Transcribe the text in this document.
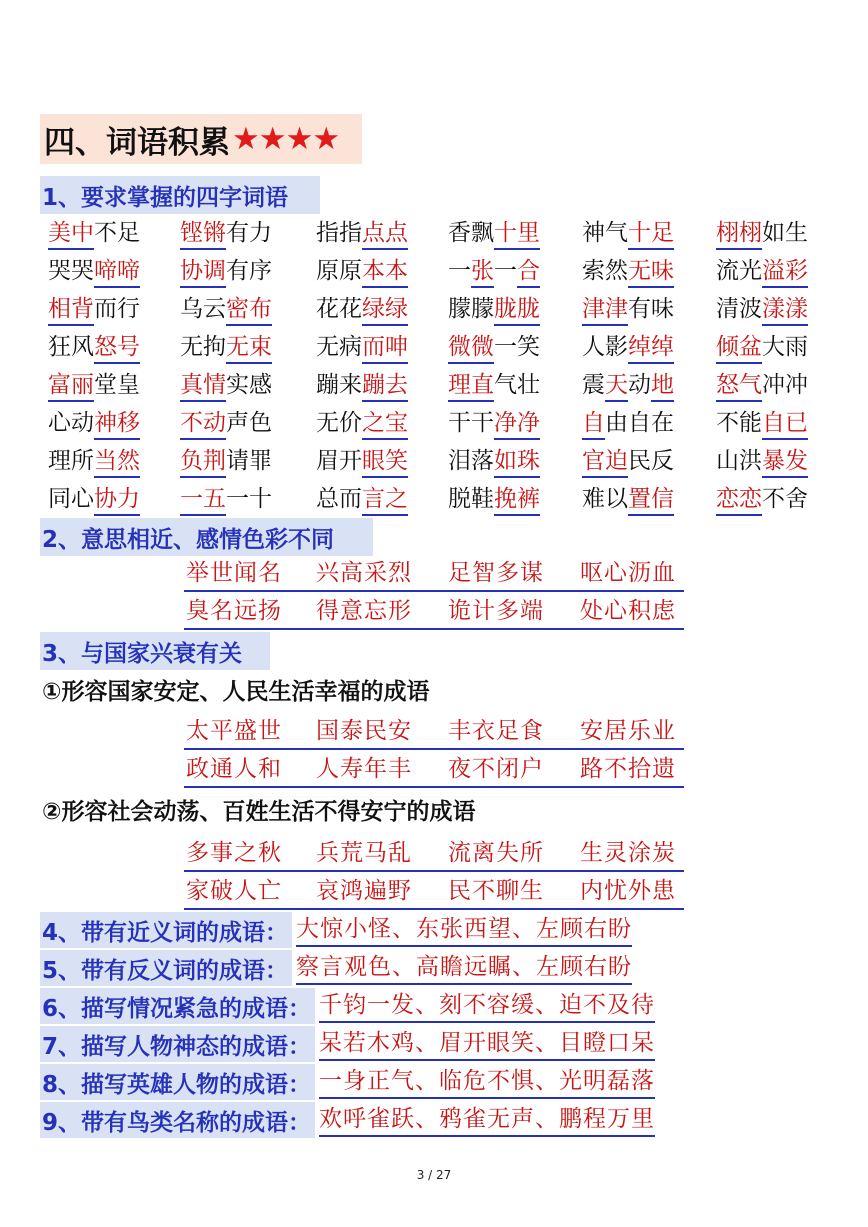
四、词语积累 ★★★★
1、要求掌握的四字词语
美中不足 铿锵有力 指指点点 香飘十里 神气十足 栩栩如生
哭哭啼啼 协调有序 原原本本 一张一合 索然无味 流光溢彩
相背而行 乌云密布 花花绿绿 朦朦胧胧 津津有味 清波漾漾
狂风怒号 无拘无束 无病而呻 微微一笑 人影绰绰 倾盆大雨
富丽堂皇 真情实感 蹦来蹦去 理直气壮 震天动地 怒气冲冲
心动神移 不动声色 无价之宝 干干净净 自由自在 不能自已
理所当然 负荆请罪 眉开眼笑 泪落如珠 官迫民反 山洪暴发
同心协力 一五一十 总而言之 脱鞋挽裤 难以置信 恋恋不舍
2、意思相近、感情色彩不同
举世闻名 兴高采烈 足智多谋 呕心沥血
臭名远扬 得意忘形 诡计多端 处心积虑
3、与国家兴衰有关
①形容国家安定、人民生活幸福的成语
太平盛世 国泰民安 丰衣足食 安居乐业
政通人和 人寿年丰 夜不闭户 路不拾遗
②形容社会动荡、百姓生活不得安宁的成语
多事之秋 兵荒马乱 流离失所 生灵涂炭
家破人亡 哀鸿遍野 民不聊生 内忧外患
4、带有近义词的成语： 大惊小怪、东张西望、左顾右盼
5、带有反义词的成语： 察言观色、高瞻远瞩、左顾右盼
6、描写情况紧急的成语： 千钧一发、刻不容缓、迫不及待
7、描写人物神态的成语： 呆若木鸡、眉开眼笑、目瞪口呆
8、描写英雄人物的成语： 一身正气、临危不惧、光明磊落
9、带有鸟类名称的成语： 欢呼雀跃、鸦雀无声、鹏程万里
3 / 27
